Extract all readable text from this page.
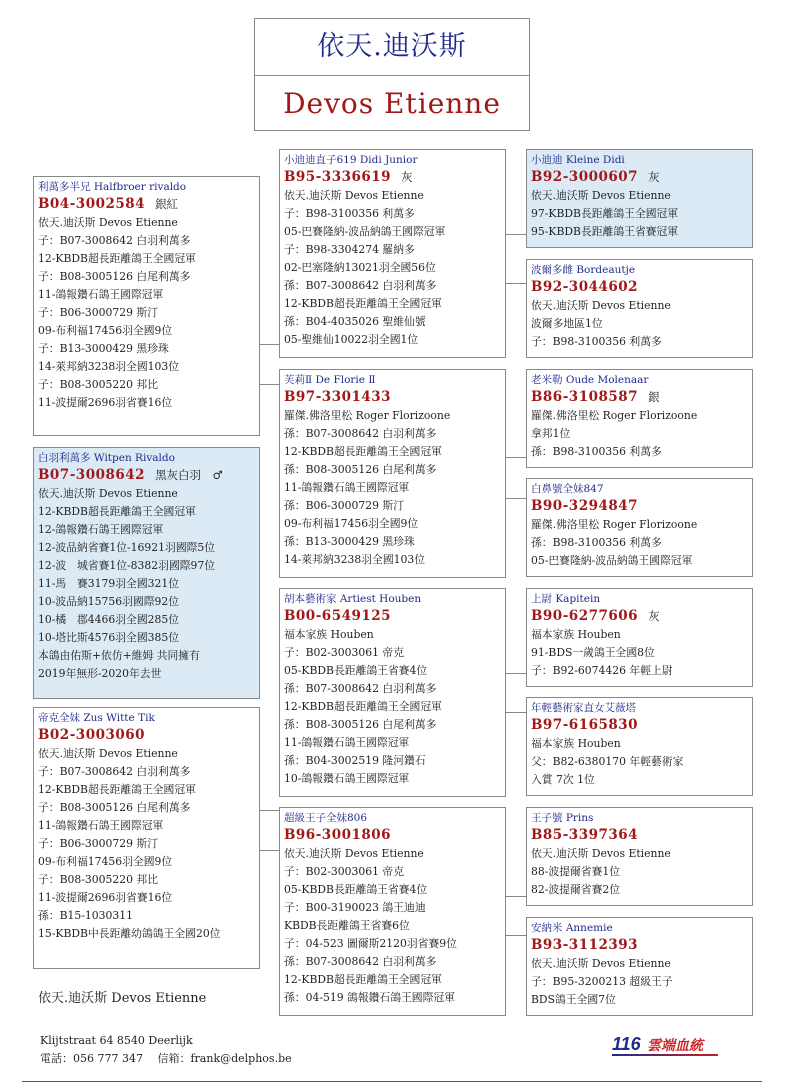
依天.迪沃斯
Devos Etienne
利萬多半兄 Halfbroer rivaldo
B04-3002584 銀紅
依天.迪沃斯 Devos Etienne
子：B07-3008642 白羽利萬多
12-KBDB超長距離鴿王全國冠軍
子：B08-3005126 白尾利萬多
11-鴿報鑽石鴿王國際冠軍
子：B06-3000729 斯汀
09-布利福17456羽全國9位
子：B13-3000429 黑珍珠
14-萊邦納3238羽全國103位
子：B08-3005220 邦比
11-波提爾2696羽省賽16位
白羽利萬多 Witpen Rivaldo
B07-3008642 黑灰白羽　♂
依天.迪沃斯 Devos Etienne
12-KBDB超長距離鴿王全國冠軍
12-鴿報鑽石鴿王國際冠軍
12-波品納省賽1位-16921羽國際5位
12-波　城省賽1位-8382羽國際97位
11-馬　賽3179羽全國321位
10-波品納15756羽國際92位
10-橘　郡4466羽全國285位
10-塔比斯4576羽全國385位
本鴿由佑斯+依仿+維姆 共同擁有
2019年無形-2020年去世
帝克全妹 Zus Witte Tik
B02-3003060
依天.迪沃斯 Devos Etienne
子：B07-3008642 白羽利萬多
12-KBDB超長距離鴿王全國冠軍
子：B08-3005126 白尾利萬多
11-鴿報鑽石鴿王國際冠軍
子：B06-3000729 斯汀
09-布利福17456羽全國9位
子：B08-3005220 邦比
11-波提爾2696羽省賽16位
孫：B15-1030311
15-KBDB中長距離幼鴿鴿王全國20位
小迪迪直子619 Didi Junior
B95-3336619 灰
依天.迪沃斯 Devos Etienne
子：B98-3100356 利萬多
05-巴賽隆納-波品納鴿王國際冠軍
子：B98-3304274 羅納多
02-巴塞隆納13021羽全國56位
孫：B07-3008642 白羽利萬多
12-KBDB超長距離鴿王全國冠軍
孫：B04-4035026 聖維仙號
05-聖維仙10022羽全國1位
芙莉Ⅱ De Florie Ⅱ
B97-3301433
羅傑.佛洛里松 Roger Florizoone
孫：B07-3008642 白羽利萬多
12-KBDB超長距離鴿王全國冠軍
孫：B08-3005126 白尾利萬多
11-鴿報鑽石鴿王國際冠軍
孫：B06-3000729 斯汀
09-布利福17456羽全國9位
孫：B13-3000429 黑珍珠
14-萊邦納3238羽全國103位
胡本藝術家 Artiest Houben
B00-6549125
福本家族 Houben
子：B02-3003061 帝克
05-KBDB長距離鴿王省賽4位
孫：B07-3008642 白羽利萬多
12-KBDB超長距離鴿王全國冠軍
孫：B08-3005126 白尾利萬多
11-鴿報鑽石鴿王國際冠軍
孫：B04-3002519 隆河鑽石
10-鴿報鑽石鴿王國際冠軍
超級王子全妹806
B96-3001806
依天.迪沃斯 Devos Etienne
子：B02-3003061 帝克
05-KBDB長距離鴿王省賽4位
子：B00-3190023 鴿王迪迪
KBDB長距離鴿王省賽6位
子：04-523 圖爾斯2120羽省賽9位
孫：B07-3008642 白羽利萬多
12-KBDB超長距離鴿王全國冠軍
孫：04-519 鴿報鑽石鴿王國際冠軍
小迪迪 Kleine Didi
B92-3000607 灰
依天.迪沃斯 Devos Etienne
97-KBDB長距離鴿王全國冠軍
95-KBDB長距離鴿王省賽冠軍
波爾多雌 Bordeautje
B92-3044602
依天.迪沃斯 Devos Etienne
波爾多地區1位
子：B98-3100356 利萬多
老米勒 Oude Molenaar
B86-3108587 銀
羅傑.佛洛里松 Roger Florizoone
拿邦1位
孫：B98-3100356 利萬多
白鼻號全妹847
B90-3294847
羅傑.佛洛里松 Roger Florizoone
孫：B98-3100356 利萬多
05-巴賽隆納-波品納鴿王國際冠軍
上尉 Kapitein
B90-6277606 灰
福本家族 Houben
91-BDS一歲鴿王全國8位
子：B92-6074426 年輕上尉
年輕藝術家直女艾薇塔
B97-6165830
福本家族 Houben
父：B82-6380170 年輕藝術家
入賞 7次 1位
王子號 Prins
B85-3397364
依天.迪沃斯 Devos Etienne
88-波提爾省賽1位
82-波提爾省賽2位
安納米 Annemie
B93-3112393
依天.迪沃斯 Devos Etienne
子：B95-3200213 超級王子
BDS鴿王全國7位
依天.迪沃斯 Devos Etienne
Klijtstraat 64 8540 Deerlijk
電話：056 777 347　 信箱：frank@delphos.be
116 雲端血統
